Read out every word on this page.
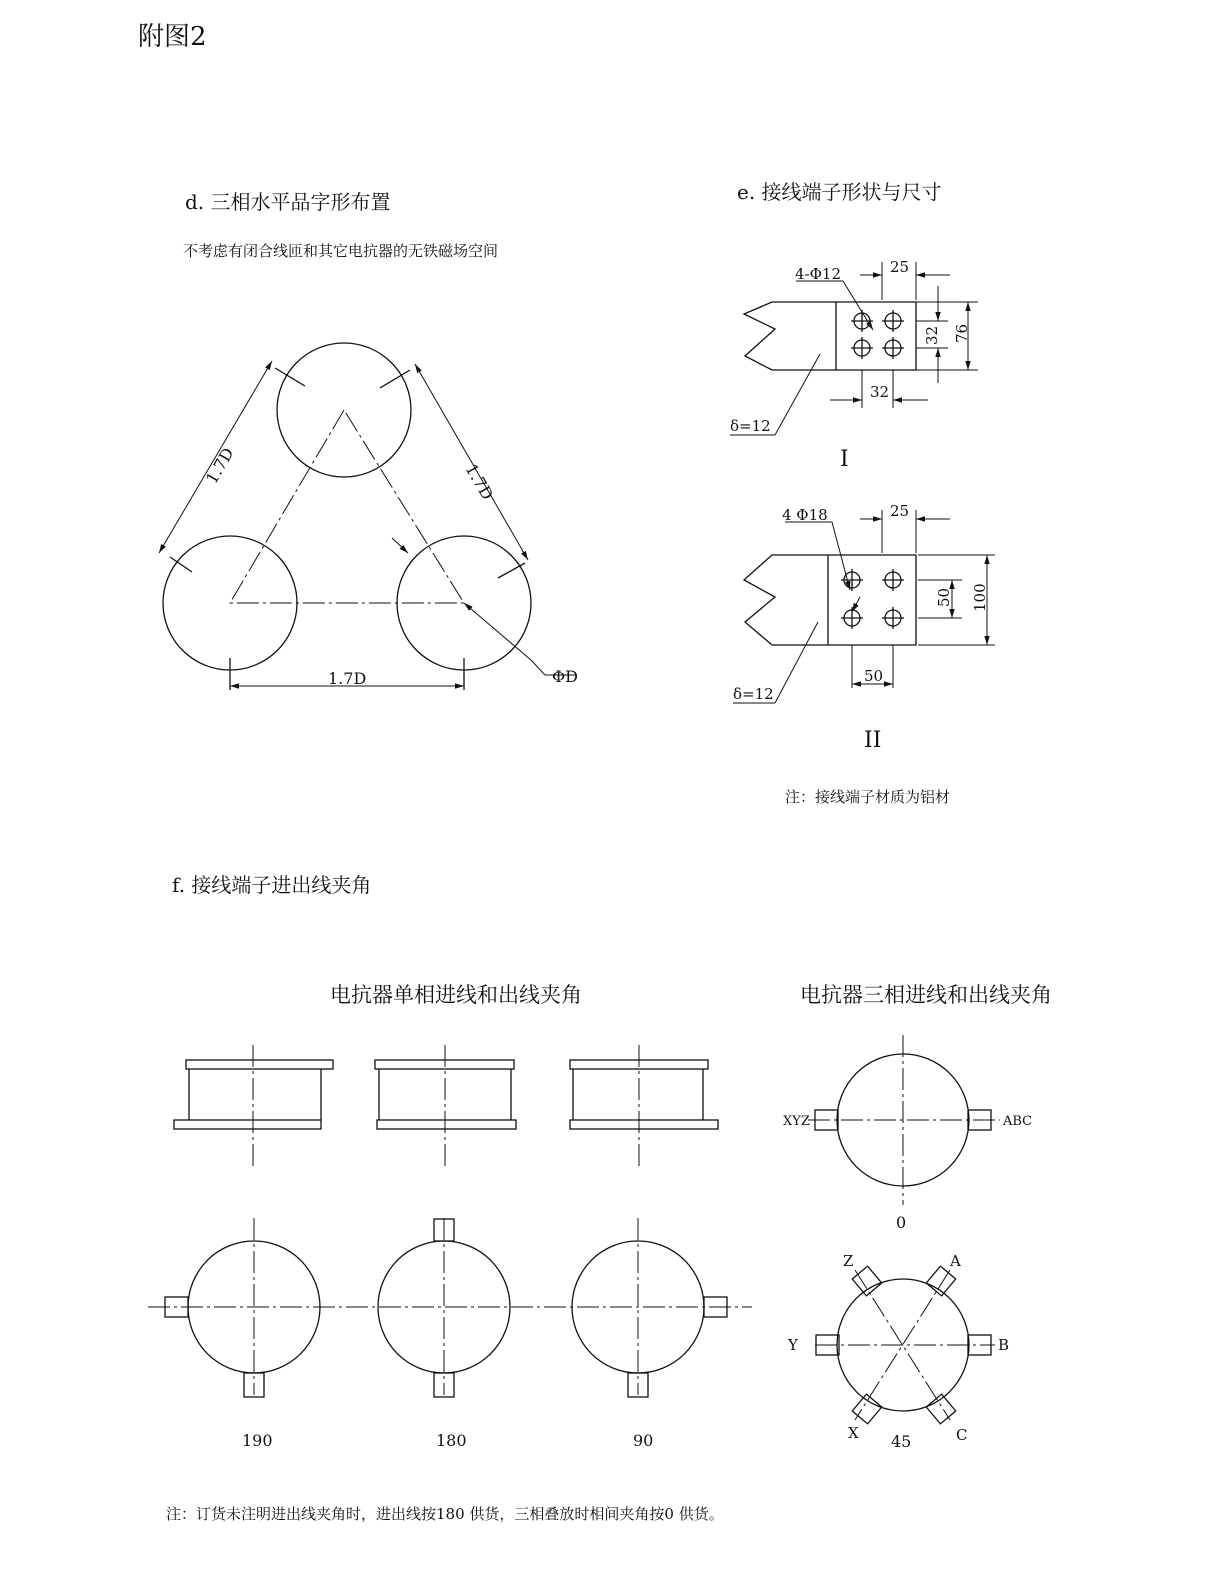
附图2
d. 三相水平品字形布置
不考虑有闭合线匝和其它电抗器的无铁磁场空间
e. 接线端子形状与尺寸
注：接线端子材质为铝材
f. 接线端子进出线夹角
电抗器单相进线和出线夹角	电抗器三相进线和出线夹角
注：订货未注明进出线夹角时，进出线按180 供货，三相叠放时相间夹角按0 供货。
1.7D	1.7D
1.7D	ΦD
4-Φ12	25
32 76
32
δ=12
I
4 Φ18	25
50 100
50
δ=12
II
190	180	90
XYZ	ABC
0
Z	A
Y	B
X	C
45
